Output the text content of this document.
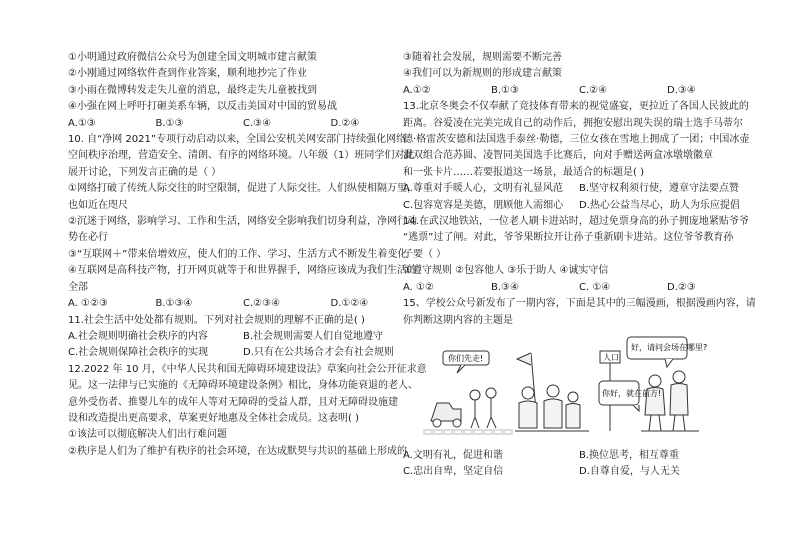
①小明通过政府微信公众号为创建全国文明城市建言献策
②小刚通过网络软件查到作业答案，顺利地抄完了作业
③小雨在微博转发走失儿童的消息，最终走失儿童被找到
④小强在网上呼吁打砸美系车辆，以反击美国对中国的贸易战
A.①③	B.①③	C.③④	D.②④
10. 自“净网 2021”专项行动启动以来，全国公安机关网安部门持续强化网络
空间秩序治理，营造安全、清朗、有序的网络环境。八年级（1）班同学们对此
展开讨论，下列发言正确的是（ ）
①网络打破了传统人际交往的时空限制，促进了人际交往。人们纵使相隔万里，
也如近在咫尺
②沉迷于网络，影响学习、工作和生活，网络安全影响我们切身利益，净网行动
势在必行
③“互联网＋”带来倍增效应，使人们的工作、学习、生活方式不断发生着变化
④互联网是高科技产物，打开网页就等于和世界握手，网络应该成为我们生活的
全部
A. ①②③	B.①③④	C.②③④	D.①②④
11.社会生活中处处都有规则。下列对社会规则的理解不正确的是( )
A.社会规则明确社会秩序的内容	B.社会规则需要人们自觉地遵守
C.社会规则保障社会秩序的实现	D.只有在公共场合才会有社会规则
12.2022 年 10 月，《中华人民共和国无障碍环境建设法》草案向社会公开征求意
见。这一法律与已实施的《无障碍环境建设条例》相比，身体功能衰退的老人、
意外受伤者、推婴儿车的成年人等对无障碍的受益人群，且对无障碍设施建
设和改造提出更高要求，草案更好地惠及全体社会成员。这表明( )
①该法可以彻底解决人们出行难问题
②秩序是人们为了维护有秩序的社会环境，在达成默契与共识的基础上形成的
③随着社会发展，规则需要不断完善
④我们可以为新规则的形成建言献策
A.①②	B.①③	C.②④	D.③④
13.北京冬奥会不仅奉献了竞技体育带来的视觉盛宴，更拉近了各国人民彼此的
距离。谷爱凌在完美完成自己的动作后，拥抱安慰出现失误的瑞士选手马蒂尔
德·格雷茨安德和法国选手泰丝·勒德，三位女孩在雪地上拥成了一团；中国冰壶
混双组合范苏圆、凌智同美国选手比赛后，向对手赠送两盒冰墩墩徽章
和一张卡片……若要报道这一场景，最适合的标题是( )
A.尊重对手暖人心，文明有礼显风范	B.坚守权利须行使，遵章守法要点赞
C.包容宽容是美德，朋顾他人需细心	D.热心公益当尽心，助人为乐应提倡
14.在武汉地铁站，一位老人刷卡进站时，超过免票身高的孙子拥庞地紧贴爷爷
“逃票”过了闸。对此，爷爷果断拉开让孙子重新刷卡进站。这位爷爷教育孙
子要（ ）
①遵守规则 ②包容他人 ③乐于助人 ④诚实守信
A. ①②	B.③④	C. ①④	D.②③
15、学校公众号新发布了一期内容，下面是其中的三幅漫画，根据漫画内容，请
你判断这期内容的主题是
你们先走!	人口
好，请问会场在哪里?
你好，就在前方!
A.文明有礼，促进和谐	B.换位思考，相互尊重
C.忠出自卑，坚定自信	D.自尊自爱，与人无关
